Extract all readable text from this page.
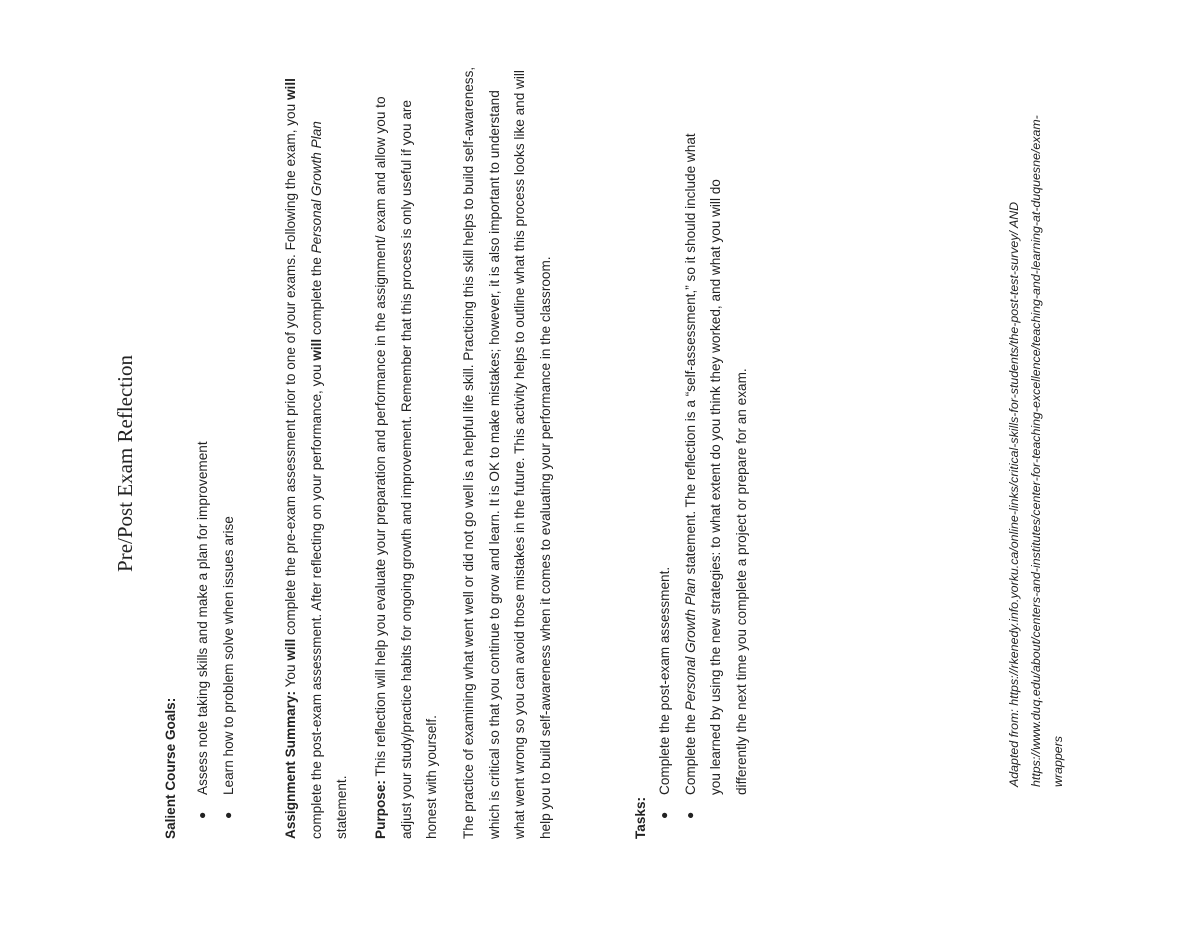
Pre/Post Exam Reflection

Salient Course Goals:	●
Assess note taking skills and make a plan for improvement
●
Learn how to problem solve when issues arise	Assignment Summary: You will complete the pre-exam assessment prior to one of your exams. Following the exam, you will complete the post-exam assessment. After reflecting on your performance, you will complete the Personal Growth Plan statement.	Purpose: This reflection will help you evaluate your preparation and performance in the assignment/ exam and allow you to adjust your study/practice habits for ongoing growth and improvement. Remember that this process is only useful if you are honest with yourself.	The practice of examining what went well or did not go well is a helpful life skill. Practicing this skill helps to build self-awareness, which is critical so that you continue to grow and learn. It is OK to make mistakes; however, it is also important to understand what went wrong so you can avoid those mistakes in the future. This activity helps to outline what this process looks like and will help you to build self-awareness when it comes to evaluating your performance in the classroom.	Tasks: ●
Complete the post-exam assessment.
●
Complete the Personal Growth Plan statement. The reflection is a “self-assessment,” so it should include what you learned by using the new strategies: to what extent do you think they worked, and what you will do differently the next time you complete a project or prepare for an exam.	Adapted from: https://rkenedy.info.yorku.ca/online-links/critical-skills-for-students/the-post-test-survey/ AND https://www.duq.edu/about/centers-and-institutes/center-for-teaching-excellence/teaching-and-learning-at-duquesne/exam-wrappers
